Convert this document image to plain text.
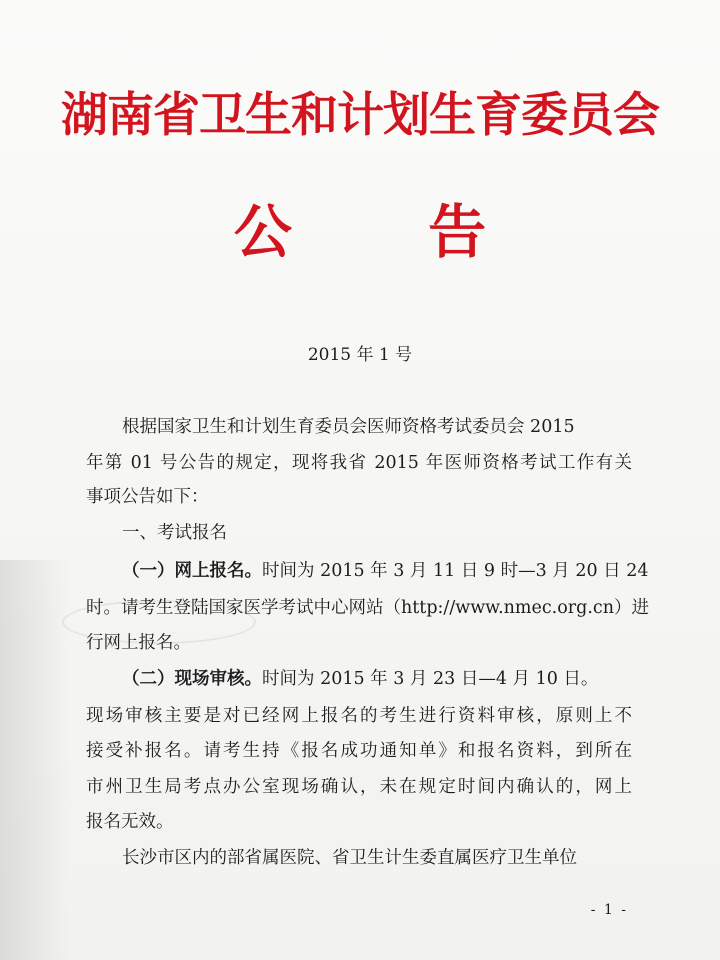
湖南省卫生和计划生育委员会
公 告
2015 年 1 号
根据国家卫生和计划生育委员会医师资格考试委员会 2015
年第 01 号公告的规定，现将我省 2015 年医师资格考试工作有关
事项公告如下：
一、考试报名
（一）网上报名。时间为 2015 年 3 月 11 日 9 时—3 月 20 日 24
时。请考生登陆国家医学考试中心网站（http://www.nmec.org.cn）进
行网上报名。
（二）现场审核。时间为 2015 年 3 月 23 日—4 月 10 日。
现场审核主要是对已经网上报名的考生进行资料审核，原则上不
接受补报名。请考生持《报名成功通知单》和报名资料，到所在
市州卫生局考点办公室现场确认，未在规定时间内确认的，网上
报名无效。
长沙市区内的部省属医院、省卫生计生委直属医疗卫生单位
- 1 -
